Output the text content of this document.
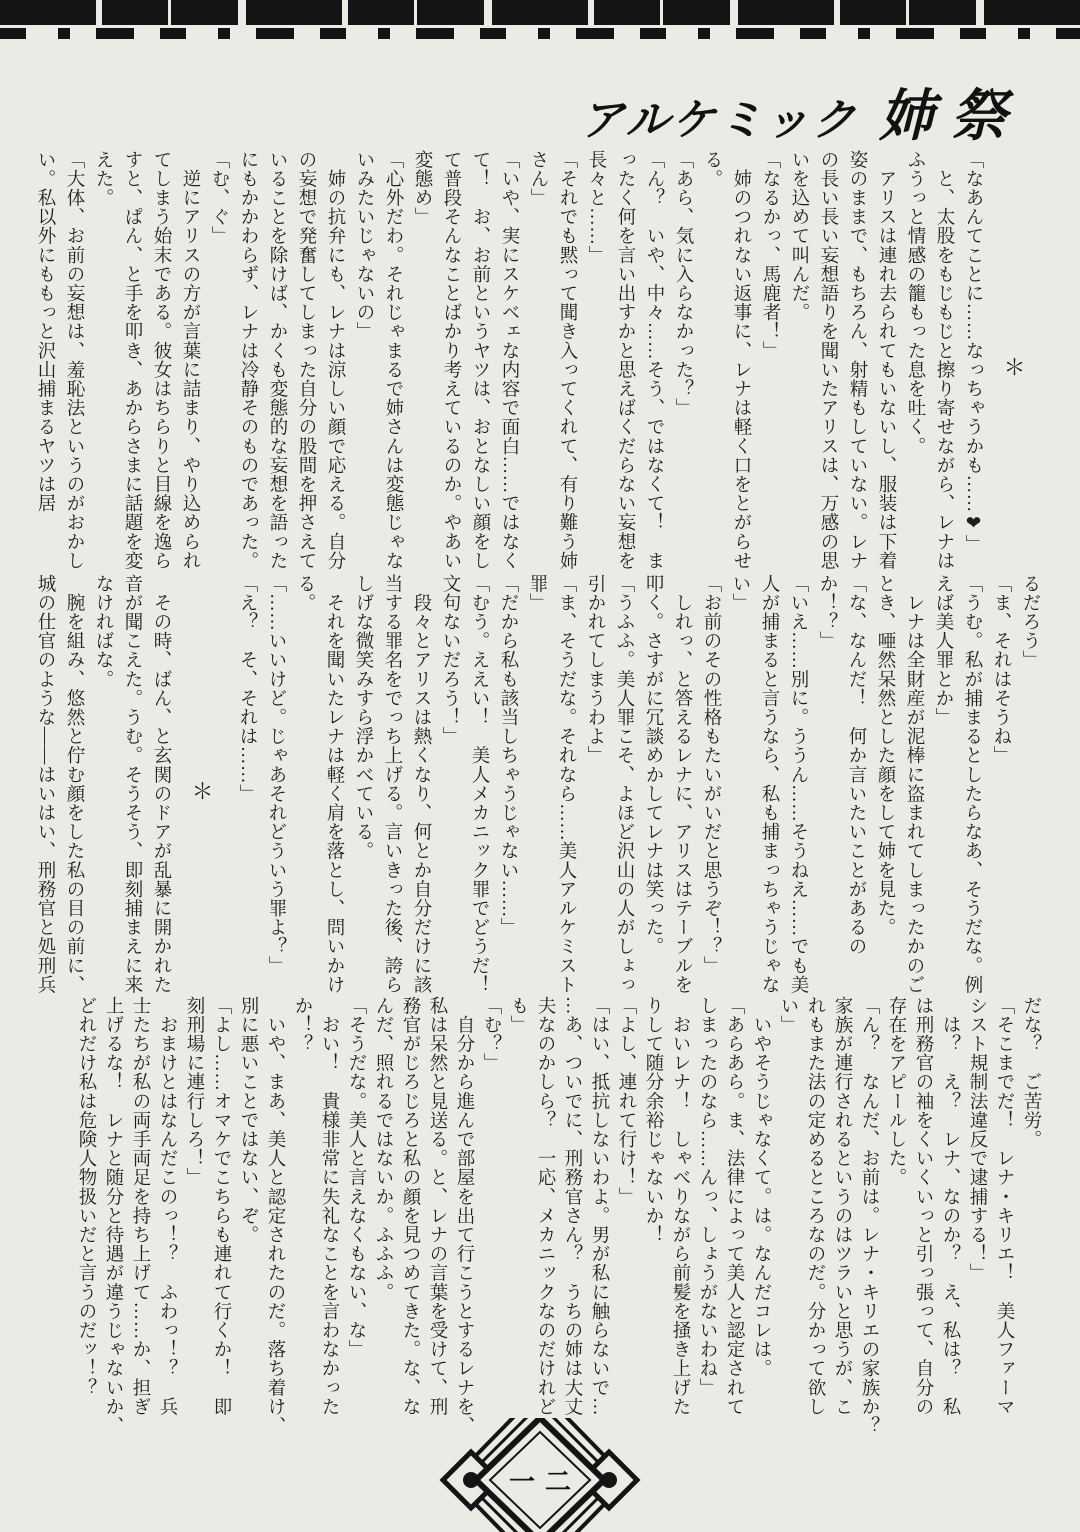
アルケミック 姉祭

＊

「なあんてことに……なっちゃうかも……❤」

　と、太股をもじもじと擦り寄せながら、レナは

ふうっと情感の籠もった息を吐く。

　アリスは連れ去られてもいないし、服装は下着

姿のままで、もちろん、射精もしていない。レナ

の長い長い妄想語りを聞いたアリスは、万感の思

いを込めて叫んだ。

「なるかっ、馬鹿者！」

　姉のつれない返事に、レナは軽く口をとがらせ

る。

「あら、気に入らなかった？」

「ん？　いや、中々……そう、ではなくて！　ま

ったく何を言い出すかと思えばくだらない妄想を

長々と……」

「それでも黙って聞き入ってくれて、有り難う姉

さん」

「いや、実にスケベェな内容で面白……ではなく

て！　お、お前というヤツは、おとなしい顔をし

て普段そんなことばかり考えているのか。やあい

変態め」

「心外だわ。それじゃまるで姉さんは変態じゃな

いみたいじゃないの」

　姉の抗弁にも、レナは涼しい顔で応える。自分

の妄想で発奮してしまった自分の股間を押さえて

いることを除けば、かくも変態的な妄想を語った

にもかかわらず、レナは冷静そのものであった。

「む、ぐ」

　逆にアリスの方が言葉に詰まり、やり込められ

てしまう始末である。彼女はちらりと目線を逸ら

すと、ぱん、と手を叩き、あからさまに話題を変

えた。

「大体、お前の妄想は、羞恥法というのがおかし

い。私以外にももっと沢山捕まるヤツは居

るだろう」

「ま、それはそうね」

「うむ。私が捕まるとしたらなあ、そうだな。例

えば美人罪とか」

　レナは全財産が泥棒に盗まれてしまったかのご

とき、唖然呆然とした顔をして姉を見た。

「な、なんだ！　何か言いたいことがあるの

か！？」

「いえ……別に。ううん……そうねえ……でも美

人が捕まると言うなら、私も捕まっちゃうじゃな

い」

「お前のその性格もたいがいだと思うぞ！？」

　しれっ、と答えるレナに、アリスはテーブルを

叩く。さすがに冗談めかしてレナは笑った。

「うふふ。美人罪こそ、よほど沢山の人がしょっ

引かれてしまうわよ」

「ま、そうだな。それなら……美人アルケミスト

罪」

「だから私も該当しちゃうじゃない……」

「むう。ええい！　美人メカニック罪でどうだ！

文句ないだろう！」

　段々とアリスは熱くなり、何とか自分だけに該

当する罪名をでっち上げる。言いきった後、誇ら

しげな微笑みすら浮かべている。

　それを聞いたレナは軽く肩を落とし、問いかけ

る。

「……いいけど。じゃあそれどういう罪よ？」

「え？　そ、それは……」

＊

　その時、ばん、と玄関のドアが乱暴に開かれた

音が聞こえた。うむ。そうそう、即刻捕まえに来

なければな。

　腕を組み、悠然と佇む顔をした私の目の前に、

城の仕官のような――はいはい、刑務官と処刑兵

だな？　ご苦労。

「そこまでだ！　レナ・キリエ！　美人ファーマ

シスト規制法違反で逮捕する！」

　は？　え？　レナ、なのか？　え、私は？　私

は刑務官の袖をくいくいっと引っ張って、自分の

存在をアピールした。

「ん？　なんだ、お前は。レナ・キリエの家族か？

家族が連行されるというのはツラいと思うが、こ

れもまた法の定めるところなのだ。分かって欲し

い」

　いやそうじゃなくて。は。なんだコレは。

「あらあら。ま、法律によって美人と認定されて

しまったのなら……んっ、しょうがないわね」

　おいレナ！　しゃべりながら前髪を掻き上げた

りして随分余裕じゃないか！

「よし、連れて行け！」

「はい、抵抗しないわよ。男が私に触らないで…

…あ、ついでに、刑務官さん？　うちの姉は大丈

夫なのかしら？　一応、メカニックなのだけれど

も」

「む？」

　自分から進んで部屋を出て行こうとするレナを、

私は呆然と見送る。と、レナの言葉を受けて、刑

務官がじろじろと私の顔を見つめてきた。な、な

んだ、照れるではないか。ふふふ。

「そうだな。美人と言えなくもない、な」

　おい！　貴様非常に失礼なことを言わなかった

か！？

　いや、まあ、美人と認定されたのだ。落ち着け、

別に悪いことではない、ぞ。

「よし……オマケでこちらも連れて行くか！　即

刻刑場に連行しろ！」

　おまけとはなんだこのっ！？　ふわっ！？　兵

士たちが私の両手両足を持ち上げて……か、担ぎ

上げるな！　レナと随分と待遇が違うじゃないか、

どれだけ私は危険人物扱いだと言うのだッ！？

一二
